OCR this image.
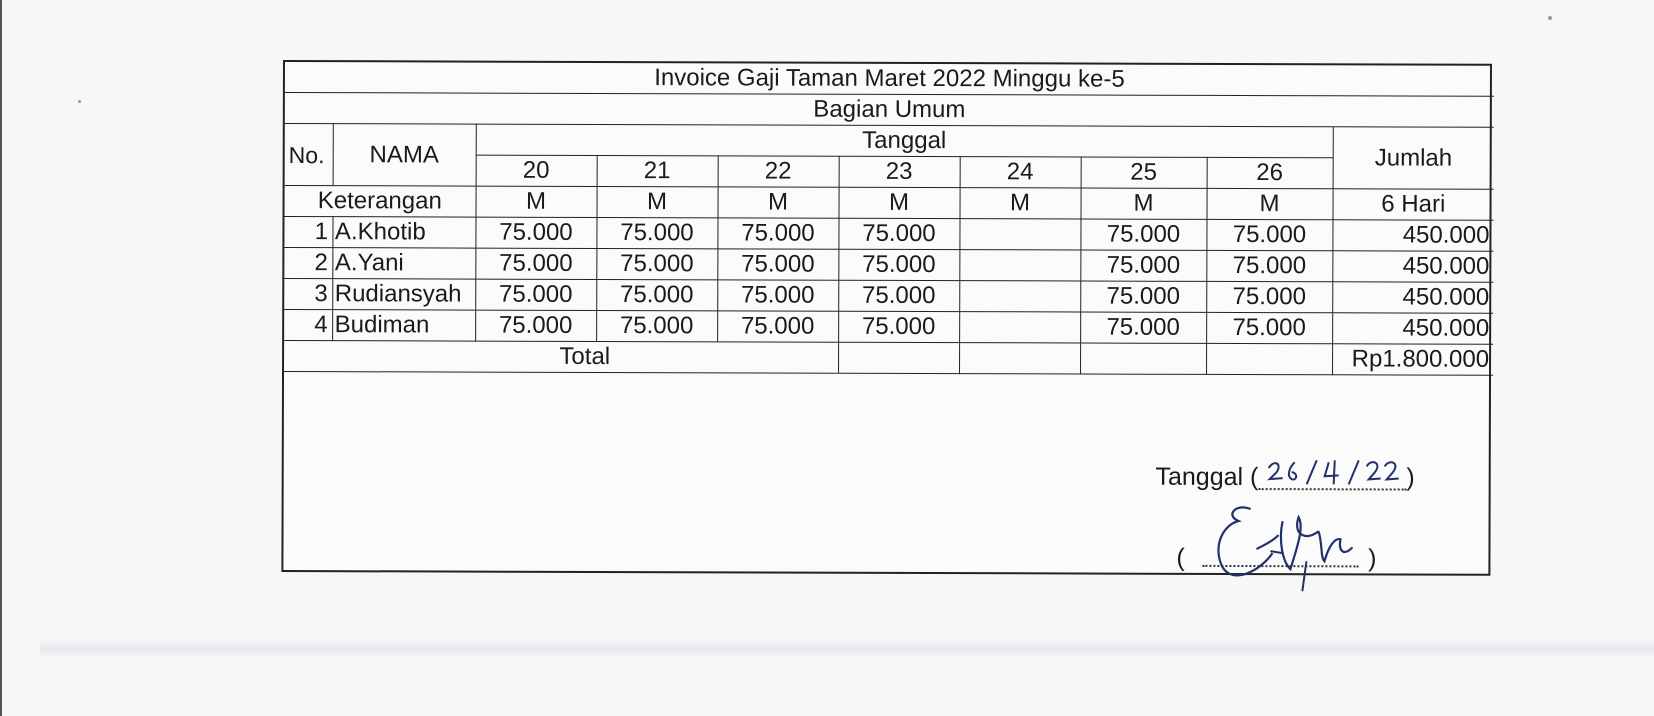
Invoice Gaji Taman Maret 2022 Minggu ke-5									
Bagian Umum									
No.	NAMA	Tanggal							Jumlah
		20	21	22	23	24	25	26	
Keterangan		M	M	M	M	M	M	M	6 Hari
1	A.Khotib	75.000	75.000	75.000	75.000		75.000	75.000	450.000
2	A.Yani	75.000	75.000	75.000	75.000		75.000	75.000	450.000
3	Rudiansyah	75.000	75.000	75.000	75.000		75.000	75.000	450.000
4	Budiman	75.000	75.000	75.000	75.000		75.000	75.000	450.000
	Total								Rp1.800.000
Tanggal (	)
(	)
